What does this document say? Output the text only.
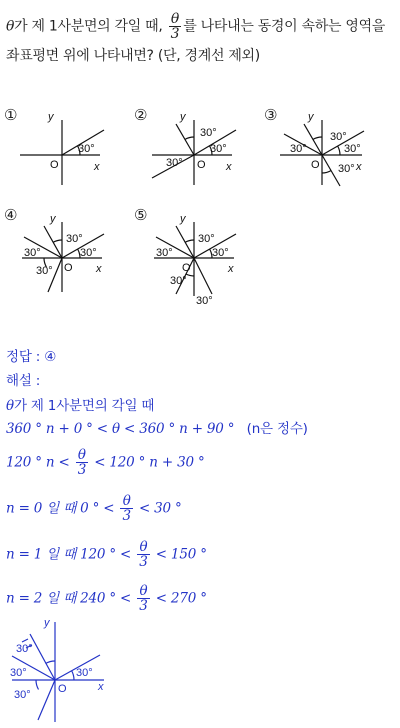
θ가 제 1사분면의 각일 때, $\frac{\theta}{3}$ 를 나타내는 동경이 속하는 영역을
좌표평면 위에 나타내면? (단, 경계선 제외)
①	②	③
④	⑤
y
x
O
30°
y
x
O
30°
30°
30°
y
x
O
30°
30°
30°
30°
y
x
O
30°
30°
30°
30°
y
x
O
30°
30°
30°
30°
30°
정답 : ④
해설 :
θ가 제 1사분면의 각일 때
360 ° n + 0 ° < θ < 360 ° n + 90 ° (n은 정수)
120 ° $n < \frac{\theta}{3} < 120$ ° n + 30 °
n = 0 일 때 0 ° < $\frac{\theta}{3} < 30$ °
n = 1 일 때 120 ° < $\frac{\theta}{3} < 150$ °
n = 2 일 때 240 ° < $\frac{\theta}{3} < 270$ °
y
x
O
30°
30°
30°
30°
